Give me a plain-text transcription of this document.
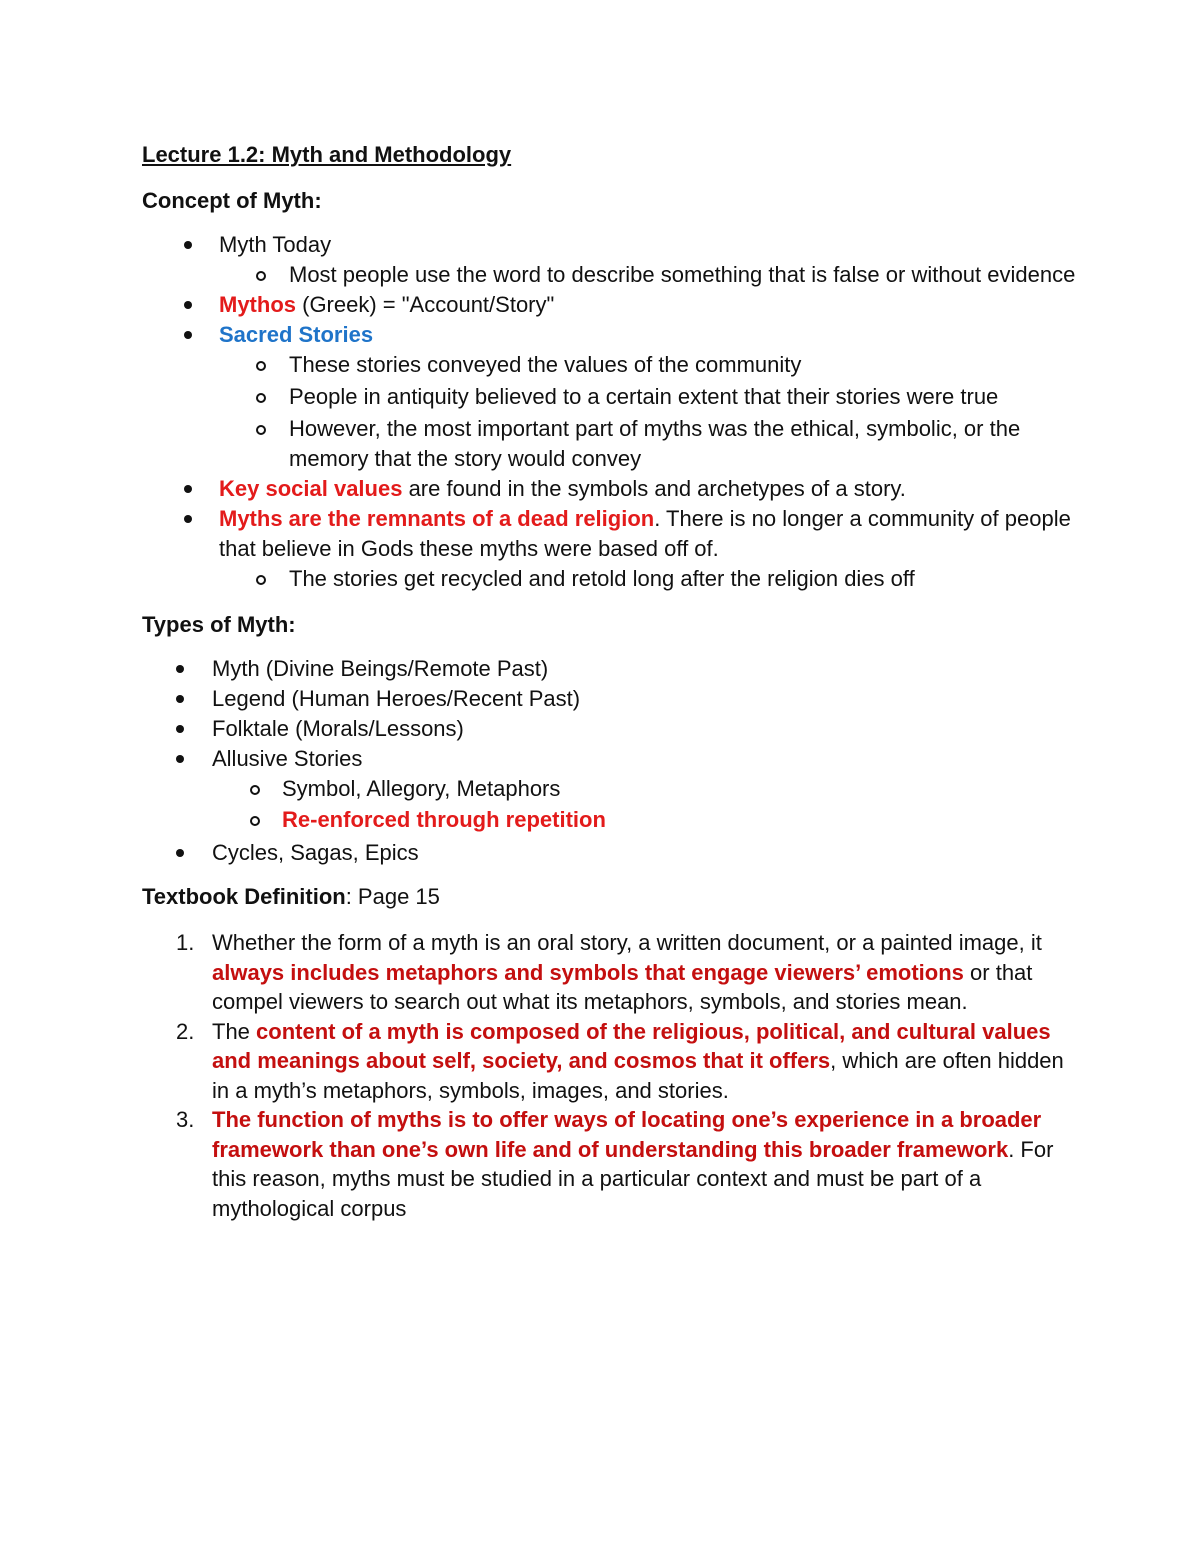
Lecture 1.2: Myth and Methodology

Concept of Myth:

Myth Today
Most people use the word to describe something that is false or without evidence
Mythos (Greek) = "Account/Story"
Sacred Stories
These stories conveyed the values of the community
People in antiquity believed to a certain extent that their stories were true
However, the most important part of myths was the ethical, symbolic, or the memory that the story would convey
Key social values are found in the symbols and archetypes of a story.
Myths are the remnants of a dead religion. There is no longer a community of people that believe in Gods these myths were based off of.
The stories get recycled and retold long after the religion dies off

Types of Myth:

Myth (Divine Beings/Remote Past)
Legend (Human Heroes/Recent Past)
Folktale (Morals/Lessons)
Allusive Stories
Symbol, Allegory, Metaphors
Re-enforced through repetition
Cycles, Sagas, Epics

Textbook Definition: Page 15

1. Whether the form of a myth is an oral story, a written document, or a painted image, it always includes metaphors and symbols that engage viewers’ emotions or that compel viewers to search out what its metaphors, symbols, and stories mean.
2. The content of a myth is composed of the religious, political, and cultural values and meanings about self, society, and cosmos that it offers, which are often hidden in a myth’s metaphors, symbols, images, and stories.
3. The function of myths is to offer ways of locating one’s experience in a broader framework than one’s own life and of understanding this broader framework. For this reason, myths must be studied in a particular context and must be part of a mythological corpus
